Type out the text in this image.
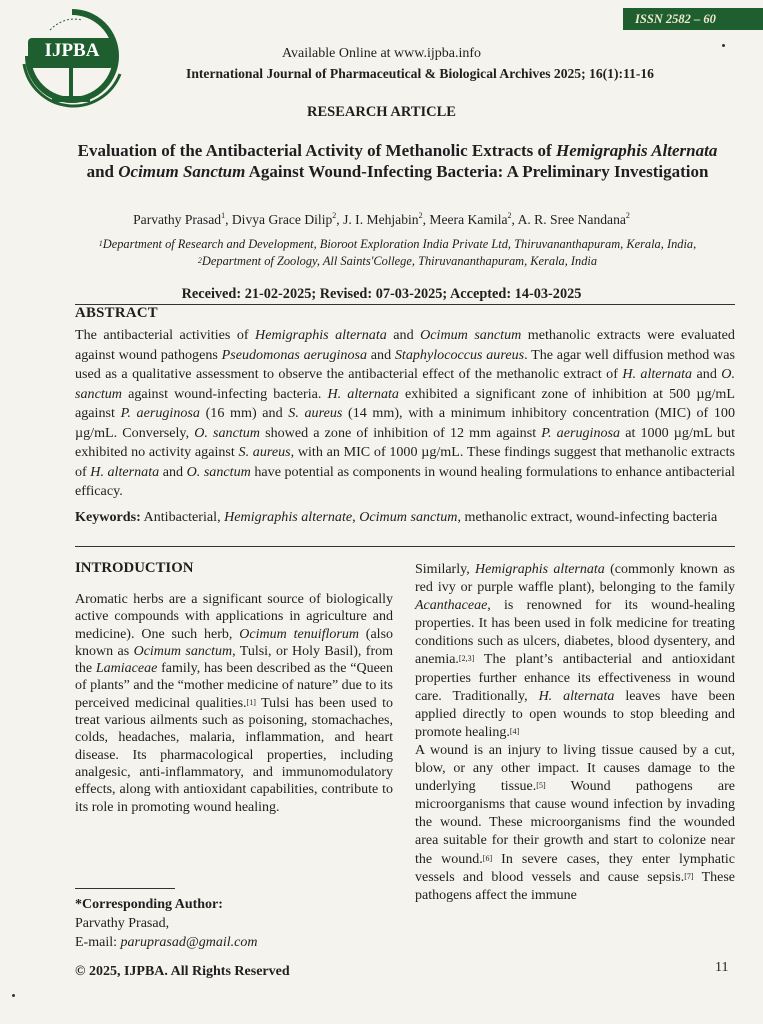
IJPBA
ISSN 2582 – 60
Available Online at www.ijpba.info
International Journal of Pharmaceutical & Biological Archives 2025; 16(1):11-16
RESEARCH ARTICLE
Evaluation of the Antibacterial Activity of Methanolic Extracts of Hemigraphis Alternata and Ocimum Sanctum Against Wound-Infecting Bacteria: A Preliminary Investigation
Parvathy Prasad$^1$, Divya Grace Dilip$^2$, J. I. Mehjabin$^2$, Meera Kamila$^2$, A. R. Sree Nandana$^2$
$^1$Department of Research and Development, Bioroot Exploration India Private Ltd, Thiruvananthapuram, Kerala, India, $^2$Department of Zoology, All Saints'College, Thiruvananthapuram, Kerala, India
Received: 21-02-2025; Revised: 07-03-2025; Accepted: 14-03-2025
ABSTRACT
The antibacterial activities of Hemigraphis alternata and Ocimum sanctum methanolic extracts were evaluated against wound pathogens Pseudomonas aeruginosa and Staphylococcus aureus. The agar well diffusion method was used as a qualitative assessment to observe the antibacterial effect of the methanolic extract of H. alternata and O. sanctum against wound-infecting bacteria. H. alternata exhibited a significant zone of inhibition at 500 µg/mL against P. aeruginosa (16 mm) and S. aureus (14 mm), with a minimum inhibitory concentration (MIC) of 100 µg/mL. Conversely, O. sanctum showed a zone of inhibition of 12 mm against P. aeruginosa at 1000 µg/mL but exhibited no activity against S. aureus, with an MIC of 1000 µg/mL. These findings suggest that methanolic extracts of H. alternata and O. sanctum have potential as components in wound healing formulations to enhance antibacterial efficacy.
Keywords: Antibacterial, Hemigraphis alternate, Ocimum sanctum, methanolic extract, wound-infecting bacteria
INTRODUCTION

Aromatic herbs are a significant source of biologically active compounds with applications in agriculture and medicine). One such herb, Ocimum tenuiflorum (also known as Ocimum sanctum, Tulsi, or Holy Basil), from the Lamiaceae family, has been described as the “Queen of plants” and the “mother medicine of nature” due to its perceived medicinal qualities.[1] Tulsi has been used to treat various ailments such as poisoning, stomachaches, colds, headaches, malaria, inflammation, and heart disease. Its pharmacological properties, including analgesic, anti-inflammatory, and immunomodulatory effects, along with antioxidant capabilities, contribute to its role in promoting wound healing.

Similarly, Hemigraphis alternata (commonly known as red ivy or purple waffle plant), belonging to the family Acanthaceae, is renowned for its wound-healing properties. It has been used in folk medicine for treating conditions such as ulcers, diabetes, blood dysentery, and anemia.[2,3] The plant’s antibacterial and antioxidant properties further enhance its effectiveness in wound care. Traditionally, H. alternata leaves have been applied directly to open wounds to stop bleeding and promote healing.[4]

A wound is an injury to living tissue caused by a cut, blow, or any other impact. It causes damage to the underlying tissue.[5] Wound pathogens are microorganisms that cause wound infection by invading the wound. These microorganisms find the wounded area suitable for their growth and start to colonize near the wound.[6] In severe cases, they enter lymphatic vessels and blood vessels and cause sepsis.[7] These pathogens affect the immune

*Corresponding Author:
Parvathy Prasad,
E-mail: paruprasad@gmail.com
© 2025, IJPBA. All Rights Reserved	11
